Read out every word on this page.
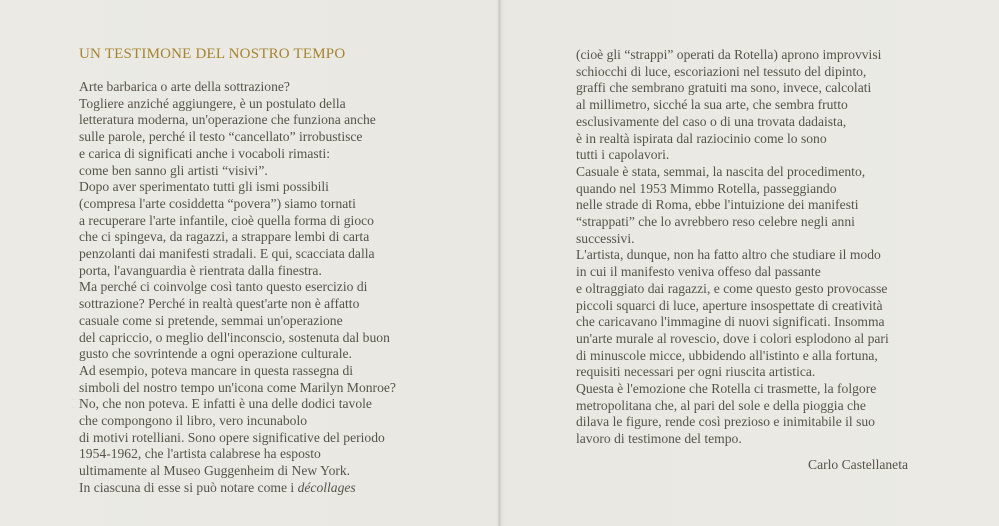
UN TESTIMONE DEL NOSTRO TEMPO
Arte barbarica o arte della sottrazione?
Togliere anziché aggiungere, è un postulato della
letteratura moderna, un'operazione che funziona anche
sulle parole, perché il testo “cancellato” irrobustisce
e carica di significati anche i vocaboli rimasti:
come ben sanno gli artisti “visivi”.
Dopo aver sperimentato tutti gli ismi possibili
(compresa l'arte cosiddetta “povera”) siamo tornati
a recuperare l'arte infantile, cioè quella forma di gioco
che ci spingeva, da ragazzi, a strappare lembi di carta
penzolanti dai manifesti stradali. E qui, scacciata dalla
porta, l'avanguardia è rientrata dalla finestra.
Ma perché ci coinvolge così tanto questo esercizio di
sottrazione? Perché in realtà quest'arte non è affatto
casuale come si pretende, semmai un'operazione
del capriccio, o meglio dell'inconscio, sostenuta dal buon
gusto che sovrintende a ogni operazione culturale.
Ad esempio, poteva mancare in questa rassegna di
simboli del nostro tempo un'icona come Marilyn Monroe?
No, che non poteva. E infatti è una delle dodici tavole
che compongono il libro, vero incunabolo
di motivi rotelliani. Sono opere significative del periodo
1954-1962, che l'artista calabrese ha esposto
ultimamente al Museo Guggenheim di New York.
In ciascuna di esse si può notare come i décollages
(cioè gli “strappi” operati da Rotella) aprono improvvisi
schiocchi di luce, escoriazioni nel tessuto del dipinto,
graffi che sembrano gratuiti ma sono, invece, calcolati
al millimetro, sicché la sua arte, che sembra frutto
esclusivamente del caso o di una trovata dadaista,
è in realtà ispirata dal raziocinio come lo sono
tutti i capolavori.
Casuale è stata, semmai, la nascita del procedimento,
quando nel 1953 Mimmo Rotella, passeggiando
nelle strade di Roma, ebbe l'intuizione dei manifesti
“strappati” che lo avrebbero reso celebre negli anni
successivi.
L'artista, dunque, non ha fatto altro che studiare il modo
in cui il manifesto veniva offeso dal passante
e oltraggiato dai ragazzi, e come questo gesto provocasse
piccoli squarci di luce, aperture insospettate di creatività
che caricavano l'immagine di nuovi significati. Insomma
un'arte murale al rovescio, dove i colori esplodono al pari
di minuscole micce, ubbidendo all'istinto e alla fortuna,
requisiti necessari per ogni riuscita artistica.
Questa è l'emozione che Rotella ci trasmette, la folgore
metropolitana che, al pari del sole e della pioggia che
dilava le figure, rende così prezioso e inimitabile il suo
lavoro di testimone del tempo.
Carlo Castellaneta
